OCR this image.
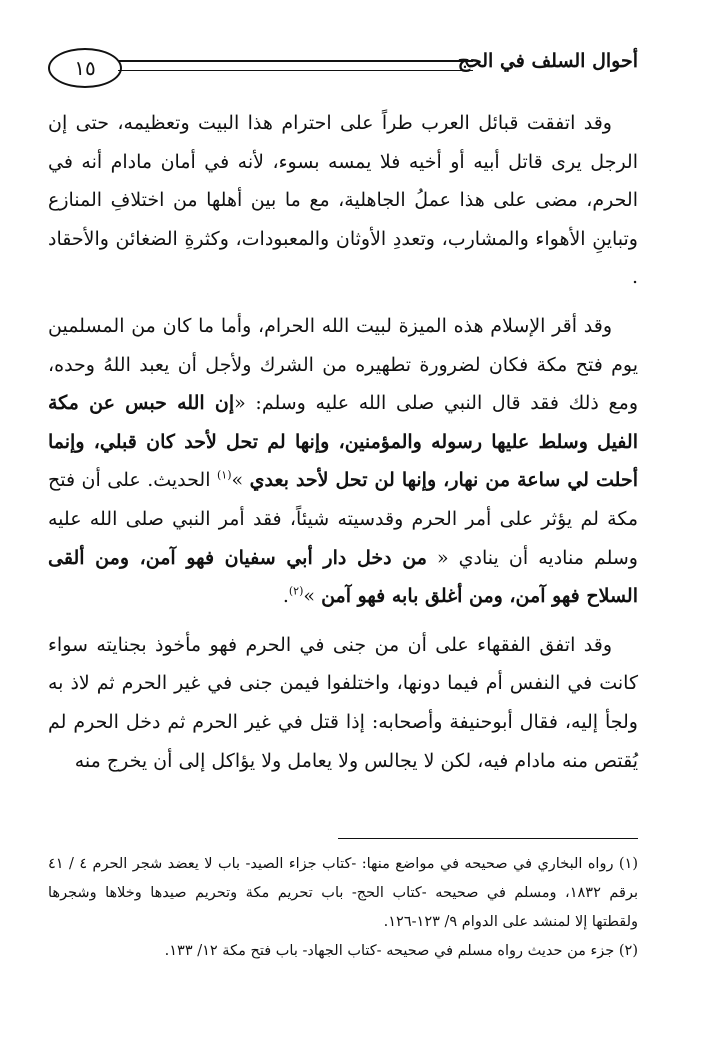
١٥	أحوال السلف في الحج

وقد اتفقت قبائل العرب طراً على احترام هذا البيت وتعظيمه، حتى إن الرجل يرى قاتل أبيه أو أخيه فلا يمسه بسوء، لأنه في أمان مادام أنه في الحرم، مضى على هذا عملُ الجاهلية، مع ما بين أهلها من اختلافِ المنازع وتباينِ الأهواء والمشارب، وتعددِ الأوثان والمعبودات، وكثرةِ الضغائن والأحقاد .

وقد أقر الإسلام هذه الميزة لبيت الله الحرام، وأما ما كان من المسلمين يوم فتح مكة فكان لضرورة تطهيره من الشرك ولأجل أن يعبد اللهُ وحده، ومع ذلك فقد قال النبي صلى الله عليه وسلم: «إن الله حبس عن مكة الفيل وسلط عليها رسوله والمؤمنين، وإنها لم تحل لأحد كان قبلي، وإنما أحلت لي ساعة من نهار، وإنها لن تحل لأحد بعدي »$^{(١)}$ الحديث. على أن فتح مكة لم يؤثر على أمر الحرم وقدسيته شيئاً، فقد أمر النبي صلى الله عليه وسلم مناديه أن ينادي « من دخل دار أبي سفيان فهو آمن، ومن ألقى السلاح فهو آمن، ومن أغلق بابه فهو آمن »$^{(٢)}$.

وقد اتفق الفقهاء على أن من جنى في الحرم فهو مأخوذ بجنايته سواء كانت في النفس أم فيما دونها، واختلفوا فيمن جنى في غير الحرم ثم لاذ به ولجأ إليه، فقال أبوحنيفة وأصحابه: إذا قتل في غير الحرم ثم دخل الحرم لم يُقتص منه مادام فيه، لكن لا يجالس ولا يعامل ولا يؤاكل إلى أن يخرج منه

(١) رواه البخاري في صحيحه في مواضع منها: -كتاب جزاء الصيد- باب لا يعضد شجر الحرم ٤ / ٤١ برقم ١٨٣٢، ومسلم في صحيحه -كتاب الحج- باب تحريم مكة وتحريم صيدها وخلاها وشجرها ولقطتها إلا لمنشد على الدوام ٩/ ١٢٣-١٢٦.

(٢) جزء من حديث رواه مسلم في صحيحه -كتاب الجهاد- باب فتح مكة ١٢/ ١٣٣.
